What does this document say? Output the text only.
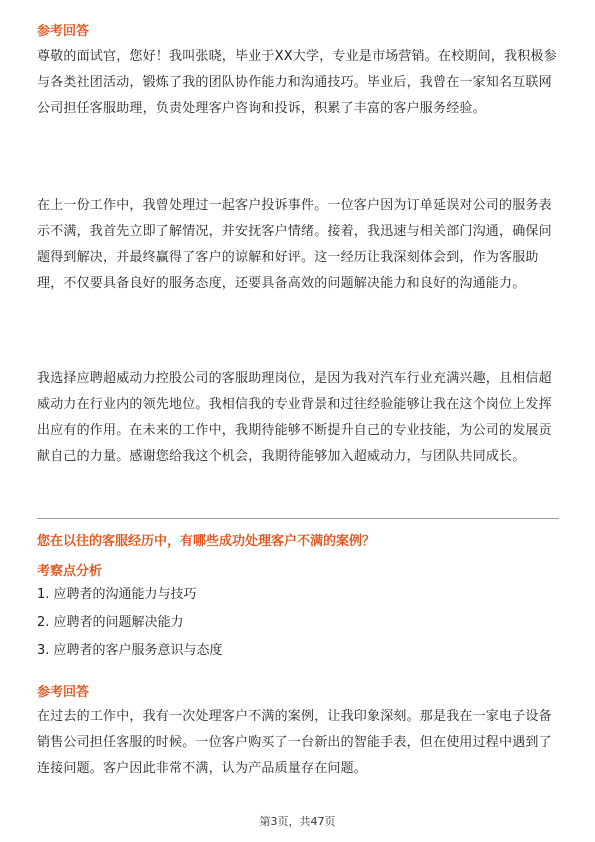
参考回答
尊敬的面试官，您好！我叫张晓，毕业于XX大学，专业是市场营销。在校期间，我积极参与各类社团活动，锻炼了我的团队协作能力和沟通技巧。毕业后，我曾在一家知名互联网公司担任客服助理，负责处理客户咨询和投诉，积累了丰富的客户服务经验。
在上一份工作中，我曾处理过一起客户投诉事件。一位客户因为订单延误对公司的服务表示不满，我首先立即了解情况，并安抚客户情绪。接着，我迅速与相关部门沟通，确保问题得到解决，并最终赢得了客户的谅解和好评。这一经历让我深刻体会到，作为客服助理，不仅要具备良好的服务态度，还要具备高效的问题解决能力和良好的沟通能力。
我选择应聘超威动力控股公司的客服助理岗位，是因为我对汽车行业充满兴趣，且相信超威动力在行业内的领先地位。我相信我的专业背景和过往经验能够让我在这个岗位上发挥出应有的作用。在未来的工作中，我期待能够不断提升自己的专业技能，为公司的发展贡献自己的力量。感谢您给我这个机会，我期待能够加入超威动力，与团队共同成长。
您在以往的客服经历中，有哪些成功处理客户不满的案例？
考察点分析
1. 应聘者的沟通能力与技巧
2. 应聘者的问题解决能力
3. 应聘者的客户服务意识与态度
参考回答
在过去的工作中，我有一次处理客户不满的案例，让我印象深刻。那是我在一家电子设备销售公司担任客服的时候。一位客户购买了一台新出的智能手表，但在使用过程中遇到了连接问题。客户因此非常不满，认为产品质量存在问题。
第3页，共47页
